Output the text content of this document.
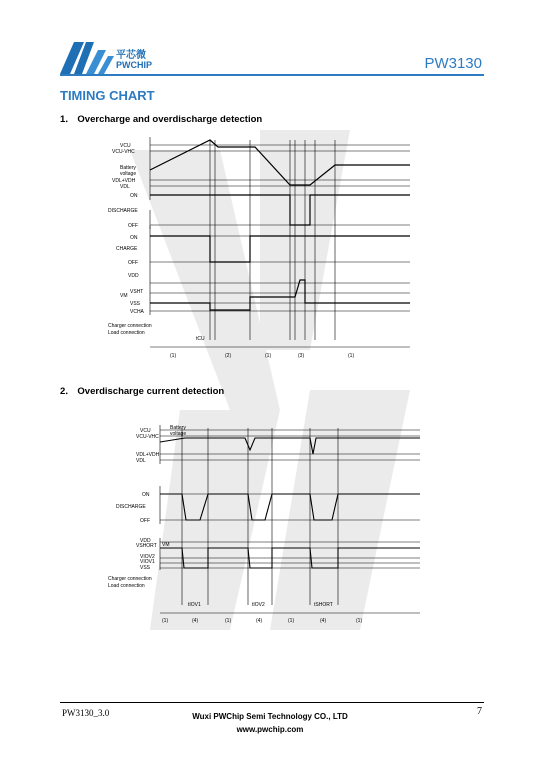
平芯微
PWCHIP	PW3130
TIMING CHART
1． Overcharge and overdischarge detection
VCU
VCU-VHC
Battery
voltage
VDL+VDH
VDL
ON
DISCHARGE
OFF
ON
CHARGE
OFF
VDD
VM
VSHT
VSS
VCHA
Charger connection
Load connection
tCU
(1)	(2)	(1)	(3)	(1)
2． Overdischarge current detection
VCU
VCU-VHC
Battery
voltage
VDL+VDH
VDL
ON
DISCHARGE
OFF
VDD
VSHORT VM
VIOV2
VIOV1
VSS
Charger connection
Load connection
tIOV1	tIOV2	tSHORT
(1)	(4)	(1)	(4)	(1)	(4)	(1)
PW3130_3.0	Wuxi PWChip Semi Technology CO., LTD
www.pwchip.com
7
